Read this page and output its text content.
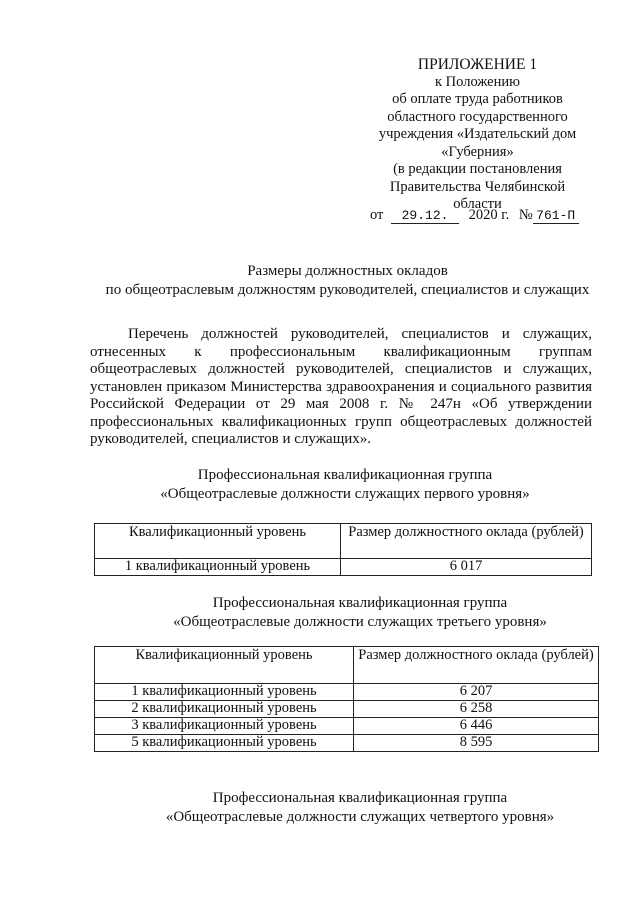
ПРИЛОЖЕНИЕ 1
к Положению
об оплате труда работников
областного государственного
учреждения «Издательский дом
«Губерния»
(в редакции постановления
Правительства Челябинской
области
от 29.12. 2020 г. № 761-П
Размеры должностных окладов
по общеотраслевым должностям руководителей, специалистов и служащих
Перечень должностей руководителей, специалистов и служащих,
отнесенных к профессиональным квалификационным группам
общеотраслевых должностей руководителей, специалистов и служащих,
установлен приказом Министерства здравоохранения и социального развития
Российской Федерации от 29 мая 2008 г. № 247н «Об утверждении
профессиональных квалификационных групп общеотраслевых должностей
руководителей, специалистов и служащих».
Профессиональная квалификационная группа
«Общеотраслевые должности служащих первого уровня»
Квалификационный уровень	Размер должностного оклада (рублей)
1 квалификационный уровень	6 017
Профессиональная квалификационная группа
«Общеотраслевые должности служащих третьего уровня»
Квалификационный уровень	Размер должностного оклада (рублей)
1 квалификационный уровень	6 207
2 квалификационный уровень	6 258
3 квалификационный уровень	6 446
5 квалификационный уровень	8 595
Профессиональная квалификационная группа
«Общеотраслевые должности служащих четвертого уровня»
